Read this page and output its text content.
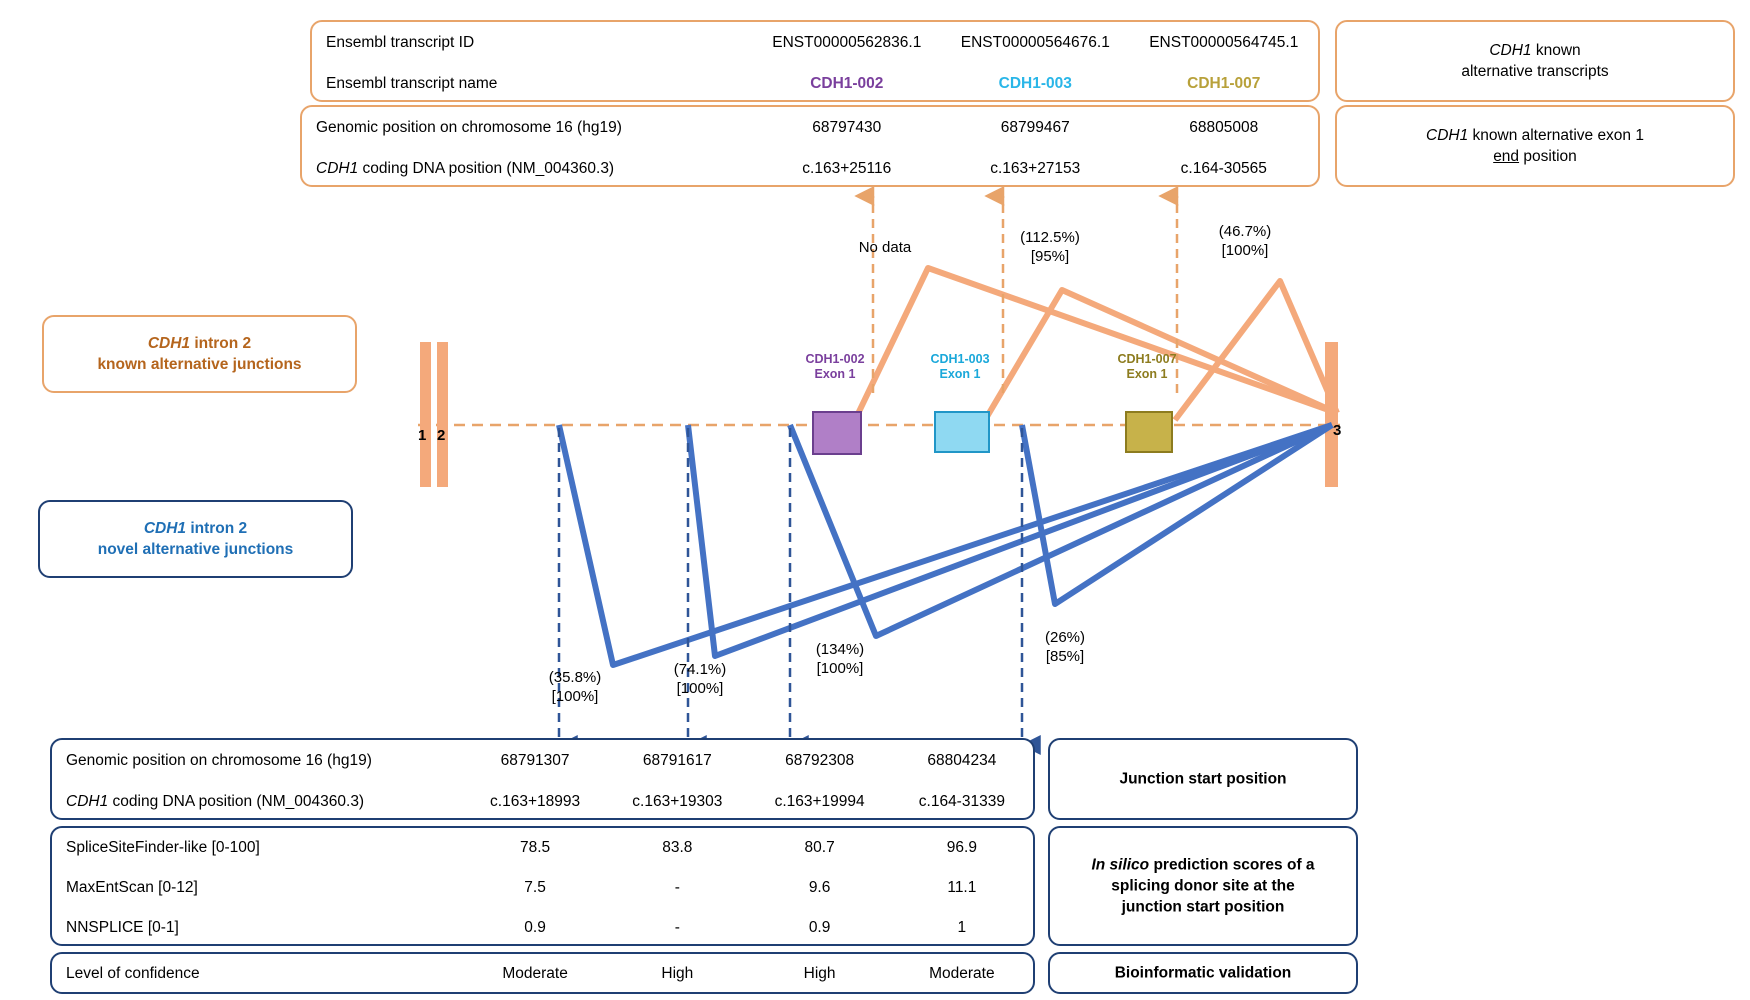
Ensembl transcript ID	ENST00000562836.1	ENST00000564676.1	ENST00000564745.1
Ensembl transcript name	CDH1-002	CDH1-003	CDH1-007
Genomic position on chromosome 16 (hg19)	68797430	68799467	68805008
CDH1 coding DNA position (NM_004360.3)	c.163+25116	c.163+27153	c.164-30565
CDH1 known
alternative transcripts
CDH1 known alternative exon 1
end position
CDH1 intron 2
known alternative junctions
CDH1 intron 2
novel alternative junctions
CDH1-002
Exon 1
CDH1-003
Exon 1
CDH1-007
Exon 1
1 2	3
No data
(112.5%)
[95%]
(46.7%)
[100%]
(35.8%)
[100%]
(74.1%)
[100%]
(134%)
[100%]
(26%)
[85%]
Genomic position on chromosome 16 (hg19)	68791307	68791617	68792308	68804234
CDH1 coding DNA position (NM_004360.3)	c.163+18993	c.163+19303	c.163+19994	c.164-31339
SpliceSiteFinder-like [0-100]	78.5	83.8	80.7	96.9
MaxEntScan [0-12]	7.5	-	9.6	11.1
NNSPLICE [0-1]	0.9	-	0.9	1
Level of confidence	Moderate	High	High	Moderate
Junction start position
In silico prediction scores of a
splicing donor site at the
junction start position
Bioinformatic validation
